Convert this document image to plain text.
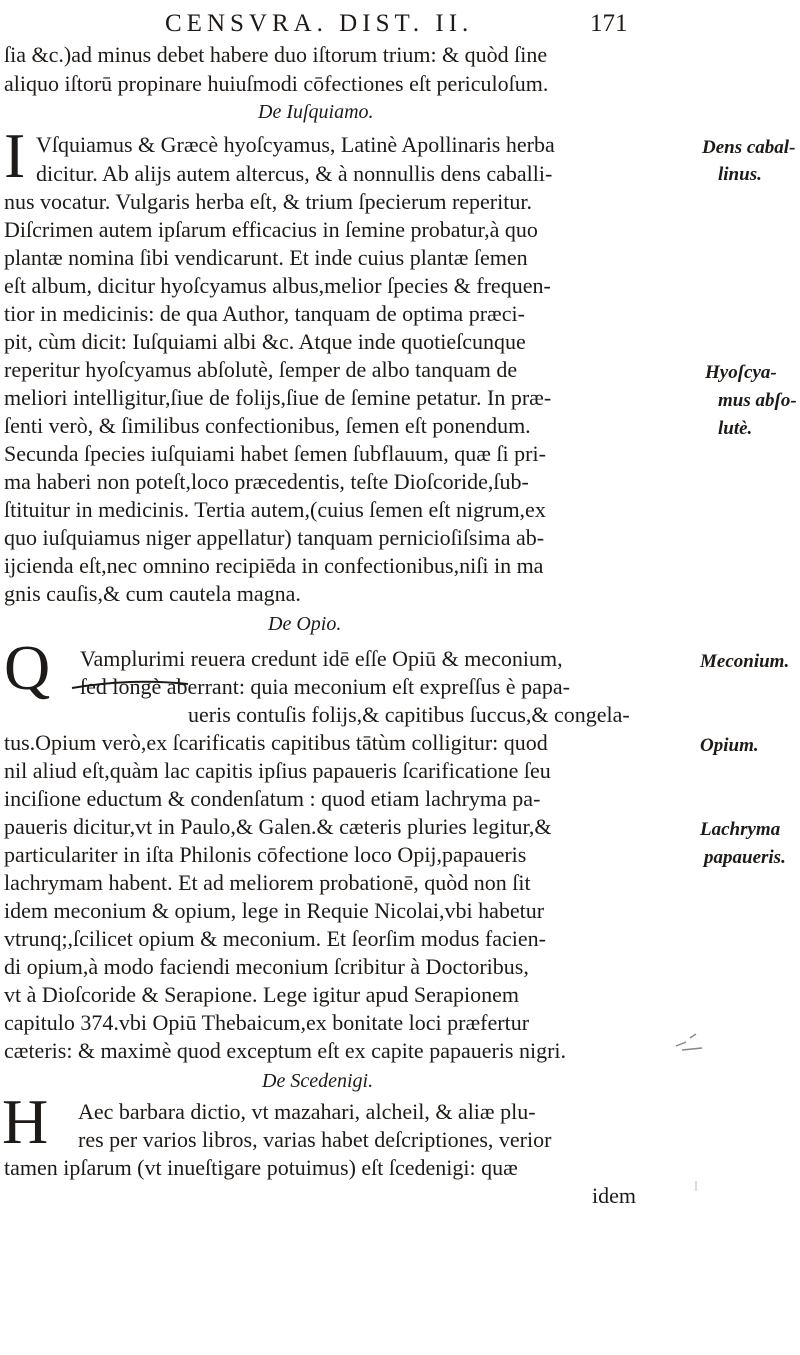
CENSVRA. DIST. II.	171
ſia &c.)ad minus debet habere duo iſtorum trium: & quòd ſine
aliquo iſtorū propinare huiuſmodi cōfectiones eſt periculoſum.
De Iuſquiamo.
I Vſquiamus & Græcè hyoſcyamus, Latinè Apollinaris herba
dicitur. Ab alijs autem altercus, & à nonnullis dens caballi-
nus vocatur. Vulgaris herba eſt, & trium ſpecierum reperitur.
Diſcrimen autem ipſarum efficacius in ſemine probatur,à quo
plantæ nomina ſibi vendicarunt. Et inde cuius plantæ ſemen
eſt album, dicitur hyoſcyamus albus,melior ſpecies & frequen-
tior in medicinis: de qua Author, tanquam de optima præci-
pit, cùm dicit: Iuſquiami albi &c. Atque inde quotieſcunque
reperitur hyoſcyamus abſolutè, ſemper de albo tanquam de
meliori intelligitur,ſiue de folijs,ſiue de ſemine petatur. In præ-
ſenti verò, & ſimilibus confectionibus, ſemen eſt ponendum.
Secunda ſpecies iuſquiami habet ſemen ſubflauum, quæ ſi pri-
ma haberi non poteſt,loco præcedentis, teſte Dioſcoride,ſub-
ſtituitur in medicinis. Tertia autem,(cuius ſemen eſt nigrum,ex
quo iuſquiamus niger appellatur) tanquam pernicioſiſsima ab-
ijcienda eſt,nec omnino recipiēda in confectionibus,niſi in ma
gnis cauſis,& cum cautela magna.
De Opio.
Q Vamplurimi reuera credunt idē eſſe Opiū & meconium,
ſed longè aberrant: quia meconium eſt expreſſus è papa-
ueris contuſis folijs,& capitibus ſuccus,& congela-
tus.Opium verò,ex ſcarificatis capitibus tātùm colligitur: quod
nil aliud eſt,quàm lac capitis ipſius papaueris ſcarificatione ſeu
inciſione eductum & condenſatum : quod etiam lachryma pa-
paueris dicitur,vt in Paulo,& Galen.& cæteris pluries legitur,&
particulariter in iſta Philonis cōfectione loco Opij,papaueris
lachrymam habent. Et ad meliorem probationē, quòd non ſit
idem meconium & opium, lege in Requie Nicolai,vbi habetur
vtrunq;,ſcilicet opium & meconium. Et ſeorſim modus facien-
di opium,à modo faciendi meconium ſcribitur à Doctoribus,
vt à Dioſcoride & Serapione. Lege igitur apud Serapionem
capitulo 374.vbi Opiū Thebaicum,ex bonitate loci præfertur
cæteris: & maximè quod exceptum eſt ex capite papaueris nigri.
De Scedenigi.
H Aec barbara dictio, vt mazahari, alcheil, & aliæ plu-
res per varios libros, varias habet deſcriptiones, verior
tamen ipſarum (vt inueſtigare potuimus) eſt ſcedenigi: quæ
idem
Dens cabal-
linus.
Hyoſcya-
mus abſo-
lutè.
Meconium.
Opium.
Lachryma
papaueris.
